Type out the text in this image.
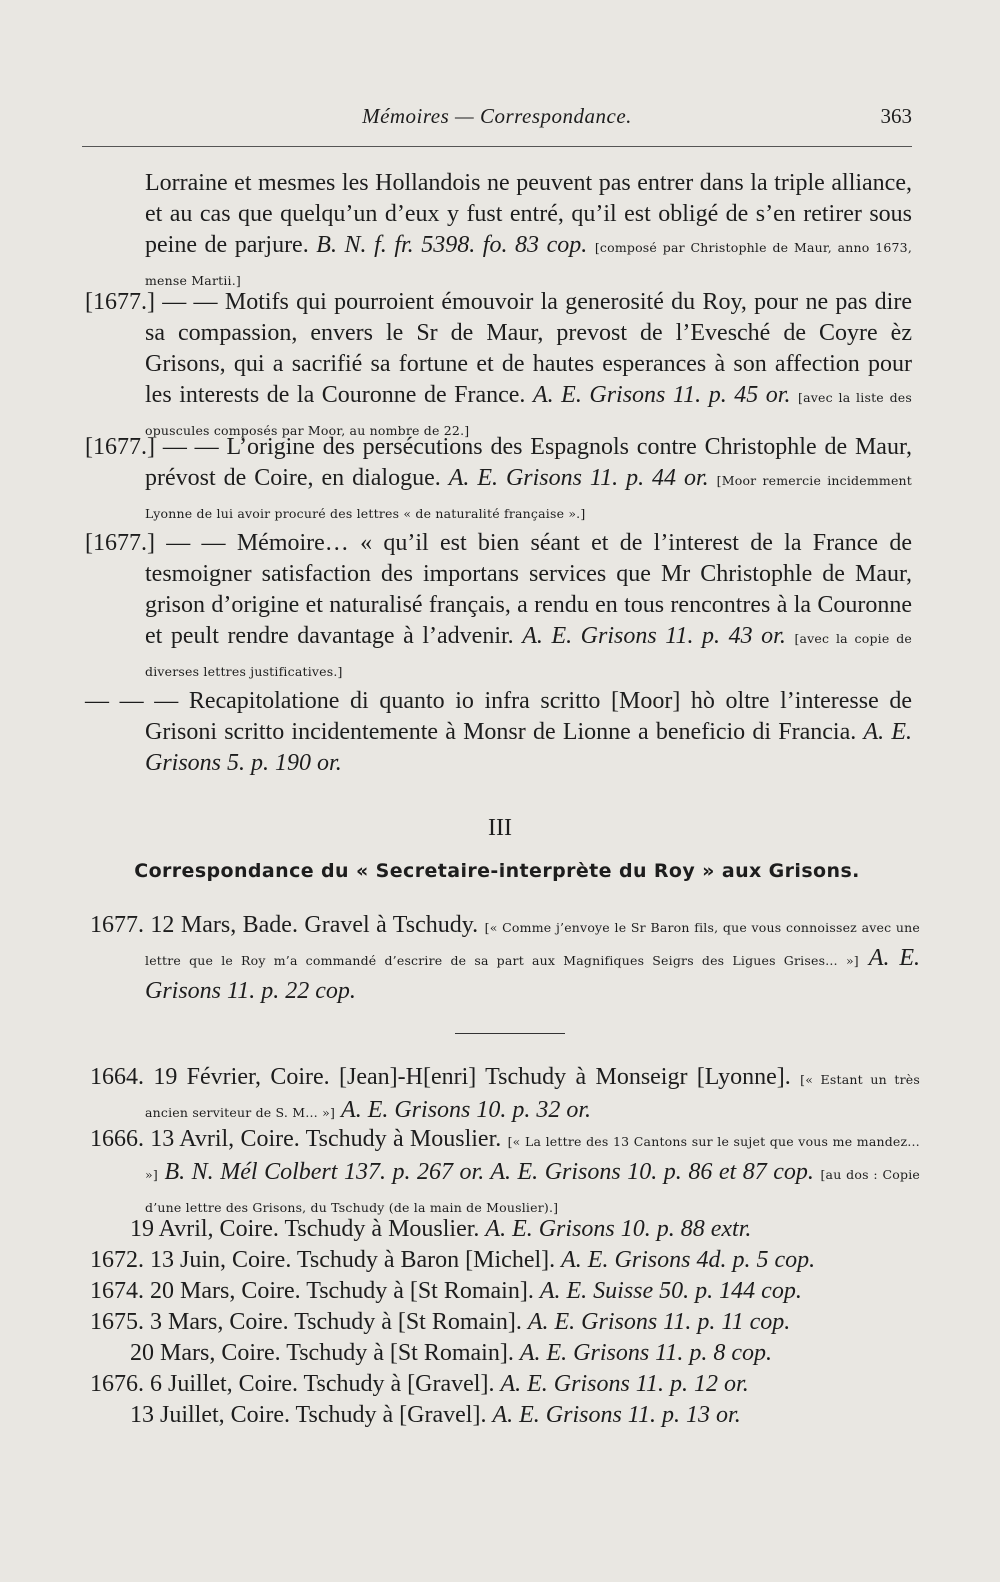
Mémoires — Correspondance.	363
Lorraine et mesmes les Hollandois ne peuvent pas entrer dans la triple alliance, et au cas que quelqu’un d’eux y fust entré, qu’il est obligé de s’en retirer sous peine de parjure. B. N. f. fr. 5398. fo. 83 cop. [composé par Christophle de Maur, anno 1673, mense Martii.]
[1677.] — — Motifs qui pourroient émouvoir la generosité du Roy, pour ne pas dire sa compassion, envers le Sr de Maur, prevost de l’Evesché de Coyre èz Grisons, qui a sacrifié sa fortune et de hautes esperances à son affection pour les interests de la Couronne de France. A. E. Grisons 11. p. 45 or. [avec la liste des opuscules composés par Moor, au nombre de 22.]
[1677.] — — L’origine des persécutions des Espagnols contre Christophle de Maur, prévost de Coire, en dialogue. A. E. Grisons 11. p. 44 or. [Moor remercie incidemment Lyonne de lui avoir procuré des lettres « de naturalité française ».]
[1677.] — — Mémoire… « qu’il est bien séant et de l’interest de la France de tesmoigner satisfaction des importans services que Mr Christophle de Maur, grison d’origine et naturalisé français, a rendu en tous rencontres à la Couronne et peult rendre davantage à l’advenir. A. E. Grisons 11. p. 43 or. [avec la copie de diverses lettres justificatives.]
— — — Recapitolatione di quanto io infra scritto [Moor] hò oltre l’interesse de Grisoni scritto incidentemente à Monsr de Lionne a beneficio di Francia. A. E. Grisons 5. p. 190 or.
III
Correspondance du « Secretaire-interprète du Roy » aux Grisons.
1677. 12 Mars, Bade. Gravel à Tschudy. [« Comme j’envoye le Sr Baron fils, que vous connoissez avec une lettre que le Roy m’a commandé d’escrire de sa part aux Magnifiques Seigrs des Ligues Grises… »] A. E. Grisons 11. p. 22 cop.
1664. 19 Février, Coire. [Jean]-H[enri] Tschudy à Monseigr [Lyonne]. [« Estant un très ancien serviteur de S. M… »] A. E. Grisons 10. p. 32 or.
1666. 13 Avril, Coire. Tschudy à Mouslier. [« La lettre des 13 Cantons sur le sujet que vous me mandez… »] B. N. Mél Colbert 137. p. 267 or. A. E. Grisons 10. p. 86 et 87 cop. [au dos : Copie d’une lettre des Grisons, du Tschudy (de la main de Mouslier).]
19 Avril, Coire. Tschudy à Mouslier. A. E. Grisons 10. p. 88 extr.
1672. 13 Juin, Coire. Tschudy à Baron [Michel]. A. E. Grisons 4d. p. 5 cop.
1674. 20 Mars, Coire. Tschudy à [St Romain]. A. E. Suisse 50. p. 144 cop.
1675. 3 Mars, Coire. Tschudy à [St Romain]. A. E. Grisons 11. p. 11 cop.
20 Mars, Coire. Tschudy à [St Romain]. A. E. Grisons 11. p. 8 cop.
1676. 6 Juillet, Coire. Tschudy à [Gravel]. A. E. Grisons 11. p. 12 or.
13 Juillet, Coire. Tschudy à [Gravel]. A. E. Grisons 11. p. 13 or.
